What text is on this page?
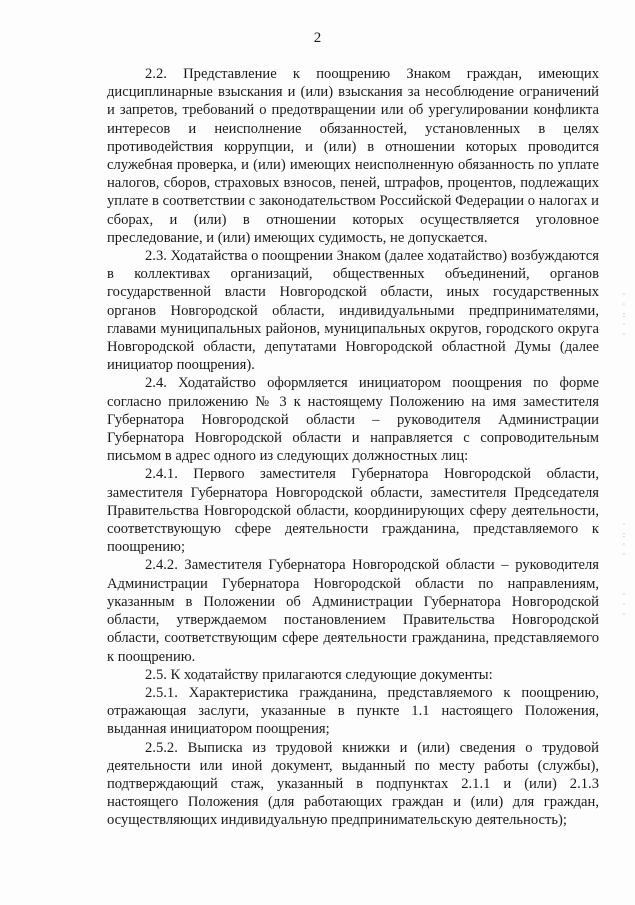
2

2.2. Представление к поощрению Знаком граждан, имеющих дисциплинарные взыскания и (или) взыскания за несоблюдение ограничений и запретов, требований о предотвращении или об урегулировании конфликта интересов и неисполнение обязанностей, установленных в целях противодействия коррупции, и (или) в отношении которых проводится служебная проверка, и (или) имеющих неисполненную обязанность по уплате налогов, сборов, страховых взносов, пеней, штрафов, процентов, подлежащих уплате в соответствии с законодательством Российской Федерации о налогах и сборах, и (или) в отношении которых осуществляется уголовное преследование, и (или) имеющих судимость, не допускается.

2.3. Ходатайства о поощрении Знаком (далее ходатайство) возбуждаются в коллективах организаций, общественных объединений, органов государственной власти Новгородской области, иных государственных органов Новгородской области, индивидуальными предпринимателями, главами муниципальных районов, муниципальных округов, городского округа Новгородской области, депутатами Новгородской областной Думы (далее инициатор поощрения).

2.4. Ходатайство оформляется инициатором поощрения по форме согласно приложению № 3 к настоящему Положению на имя заместителя Губернатора Новгородской области – руководителя Администрации Губернатора Новгородской области и направляется с сопроводительным письмом в адрес одного из следующих должностных лиц:

2.4.1. Первого заместителя Губернатора Новгородской области, заместителя Губернатора Новгородской области, заместителя Председателя Правительства Новгородской области, координирующих сферу деятельности, соответствующую сфере деятельности гражданина, представляемого к поощрению;

2.4.2. Заместителя Губернатора Новгородской области – руководителя Администрации Губернатора Новгородской области по направлениям, указанным в Положении об Администрации Губернатора Новгородской области, утверждаемом постановлением Правительства Новгородской области, соответствующим сфере деятельности гражданина, представляемого к поощрению.

2.5. К ходатайству прилагаются следующие документы:

2.5.1. Характеристика гражданина, представляемого к поощрению, отражающая заслуги, указанные в пункте 1.1 настоящего Положения, выданная инициатором поощрения;

2.5.2. Выписка из трудовой книжки и (или) сведения о трудовой деятельности или иной документ, выданный по месту работы (службы), подтверждающий стаж, указанный в подпунктах 2.1.1 и (или) 2.1.3 настоящего Положения (для работающих граждан и (или) для граждан, осуществляющих индивидуальную предпринимательскую деятельность);

·
·
:
·
·
·
:
·
·
·
·
·
